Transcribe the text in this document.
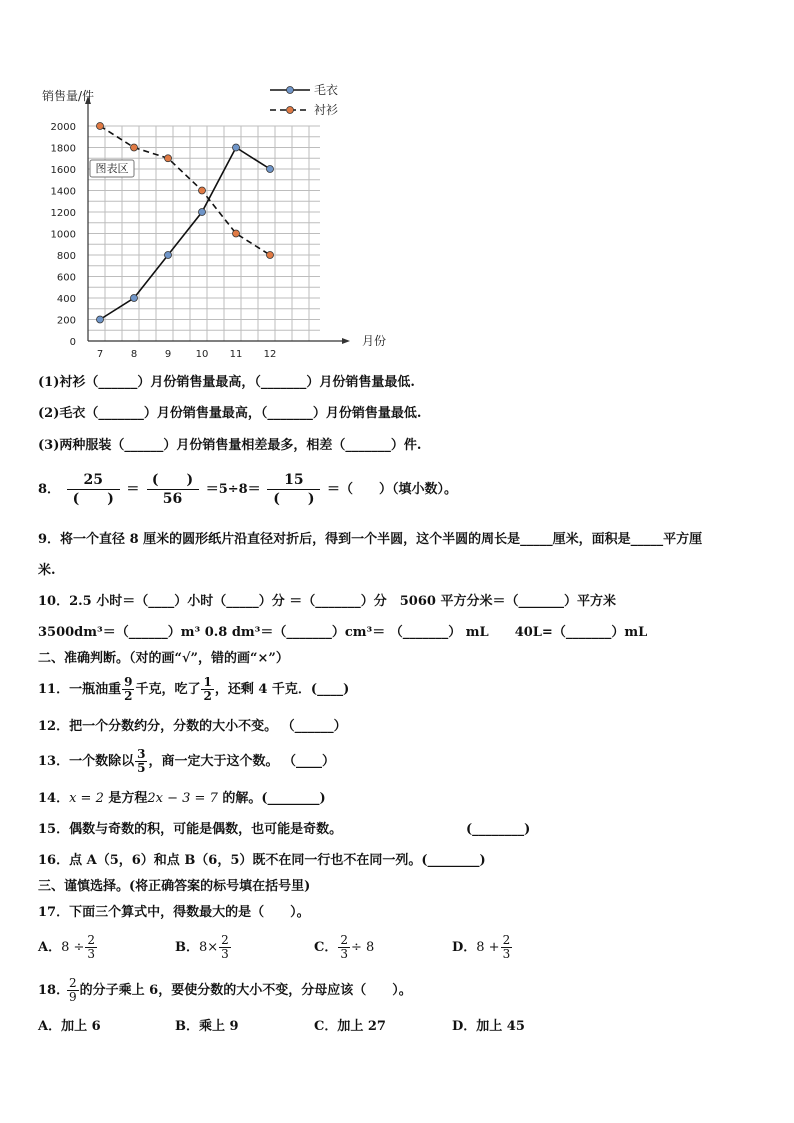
0
200
400
600
800
1000
1200
1400
1600
1800
2000
7	8	9 10 11 12
销售量/件
月份
图表区
毛衣
衬衫
(1)衬衫（______）月份销售量最高，（_______）月份销售量最低.
(2)毛衣（_______）月份销售量最高，（_______）月份销售量最低.
(3)两种服装（______）月份销售量相差最多，相差（_______）件.
8． $\frac{25}{( )} = \frac{( )}{56} =5\div 8= \frac{15}{( )}$ ＝（　　）（填小数）。
9．将一个直径 8 厘米的圆形纸片沿直径对折后，得到一个半圆，这个半圆的周长是_____厘米，面积是_____平方厘
米.
10．2.5 小时＝（____）小时（_____）分 ＝（_______）分　5060 平方分米＝（_______）平方米
3500dm³＝（______）m³ 0.8 dm³＝（_______）cm³＝ （_______） mL　　40L=（_______）mL
二、准确判断。（对的画“√”，错的画“×”）
11．一瓶油重 $\frac{9}{2}$ 千克，吃了 $\frac{1}{2}$ ，还剩 4 千克．(____)
12．把一个分数约分，分数的大小不变。 （______）
13．一个数除以 $\frac{3}{5}$ ，商一定大于这个数。 （____）
14．x = 2 是方程2x − 3 = 7 的解。(________)
15．偶数与奇数的积，可能是偶数，也可能是奇数。	(________)
16．点 A（5，6）和点 B（6，5）既不在同一行也不在同一列。(________)
三、谨慎选择。(将正确答案的标号填在括号里)
17．下面三个算式中，得数最大的是（　　）。
A．$8 \div \frac{2}{3}$	B．$8\times \frac{2}{3}$	C． $\frac{2}{3} \div 8$	D．$8 + \frac{2}{3}$
18．
$\frac{2}{9}$ 的分子乘上 6，要使分数的大小不变，分母应该（　　）。
A．加上 6	B．乘上 9	C．加上 27	D．加上 45
